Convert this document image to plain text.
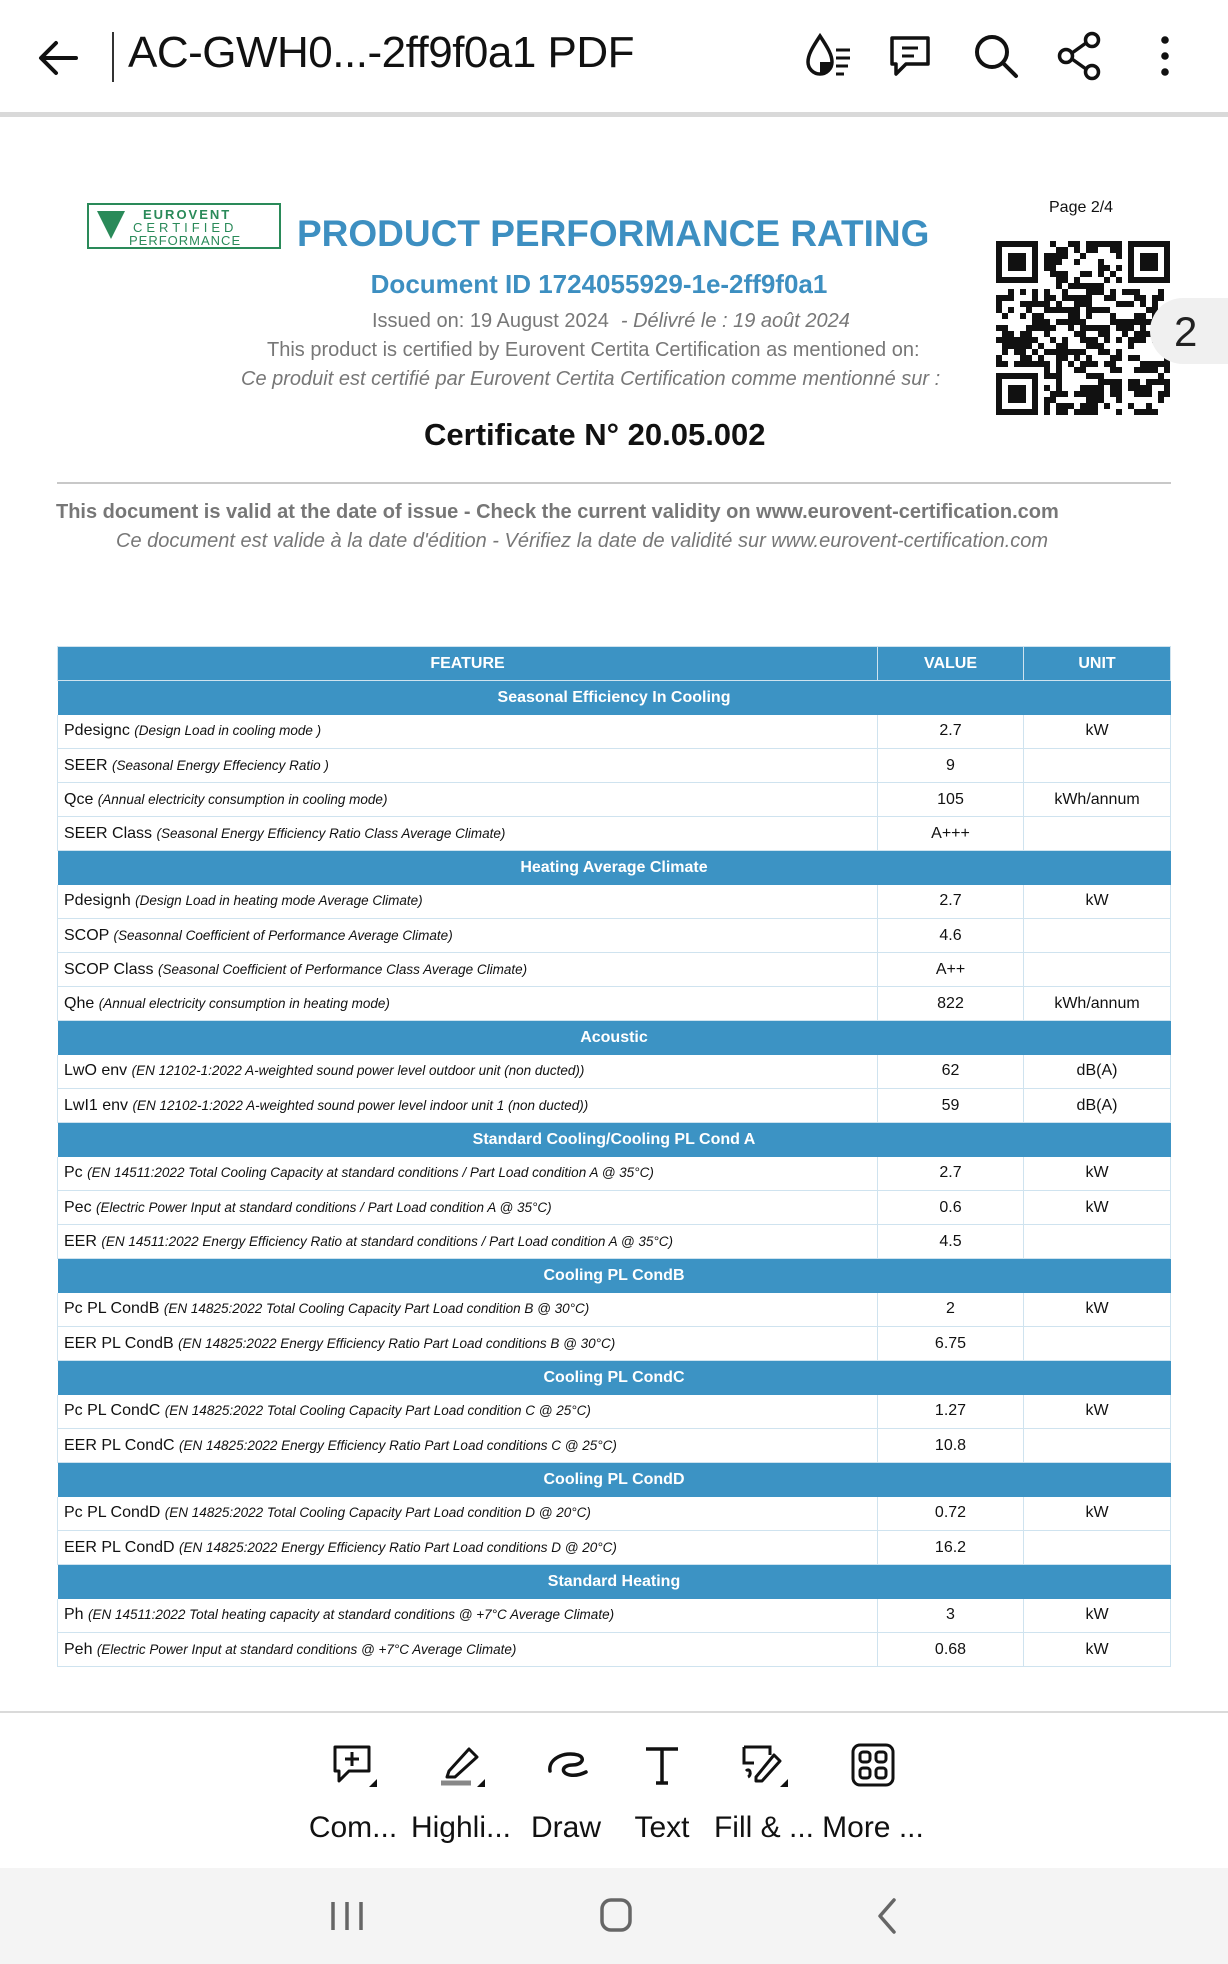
AC-GWH0...-2ff9f0a1 PDF
EUROVENT
CERTIFIED
PERFORMANCE PRODUCT PERFORMANCE RATING
Document ID 1724055929-1e-2ff9f0a1
Issued on: 19 August 2024 - Délivré le : 19 août 2024
This product is certified by Eurovent Certita Certification as mentioned on:
Ce produit est certifié par Eurovent Certita Certification comme mentionné sur :
Certificate N° 20.05.002
Page 2/4
This document is valid at the date of issue - Check the current validity on www.eurovent-certification.com
Ce document est valide à la date d'édition - Vérifiez la date de validité sur www.eurovent-certification.com
FEATURE	VALUE	UNIT
Seasonal Efficiency In Cooling		
Pdesignc (Design Load in cooling mode )	2.7	kW
SEER (Seasonal Energy Effeciency Ratio )	9	
Qce (Annual electricity consumption in cooling mode)	105	kWh/annum
SEER Class (Seasonal Energy Efficiency Ratio Class Average Climate)	A+++	
Heating Average Climate		
Pdesignh (Design Load in heating mode Average Climate)	2.7	kW
SCOP (Seasonnal Coefficient of Performance Average Climate)	4.6	
SCOP Class (Seasonal Coefficient of Performance Class Average Climate)	A++	
Qhe (Annual electricity consumption in heating mode)	822	kWh/annum
Acoustic		
LwO env (EN 12102-1:2022 A-weighted sound power level outdoor unit (non ducted))	62	dB(A)
LwI1 env (EN 12102-1:2022 A-weighted sound power level indoor unit 1 (non ducted))	59	dB(A)
Standard Cooling/Cooling PL Cond A		
Pc (EN 14511:2022 Total Cooling Capacity at standard conditions / Part Load condition A @ 35°C)	2.7	kW
Pec (Electric Power Input at standard conditions / Part Load condition A @ 35°C)	0.6	kW
EER (EN 14511:2022 Energy Efficiency Ratio at standard conditions / Part Load condition A @ 35°C)	4.5	
Cooling PL CondB		
Pc PL CondB (EN 14825:2022 Total Cooling Capacity Part Load condition B @ 30°C)	2	kW
EER PL CondB (EN 14825:2022 Energy Efficiency Ratio Part Load conditions B @ 30°C)	6.75	
Cooling PL CondC		
Pc PL CondC (EN 14825:2022 Total Cooling Capacity Part Load condition C @ 25°C)	1.27	kW
EER PL CondC (EN 14825:2022 Energy Efficiency Ratio Part Load conditions C @ 25°C)	10.8	
Cooling PL CondD		
Pc PL CondD (EN 14825:2022 Total Cooling Capacity Part Load condition D @ 20°C)	0.72	kW
EER PL CondD (EN 14825:2022 Energy Efficiency Ratio Part Load conditions D @ 20°C)	16.2	
Standard Heating		
Ph (EN 14511:2022 Total heating capacity at standard conditions @ +7°C Average Climate)	3	kW
Peh (Electric Power Input at standard conditions @ +7°C Average Climate)	0.68	kW
2
Com... Highli... Draw	Text Fill & ... More ...
